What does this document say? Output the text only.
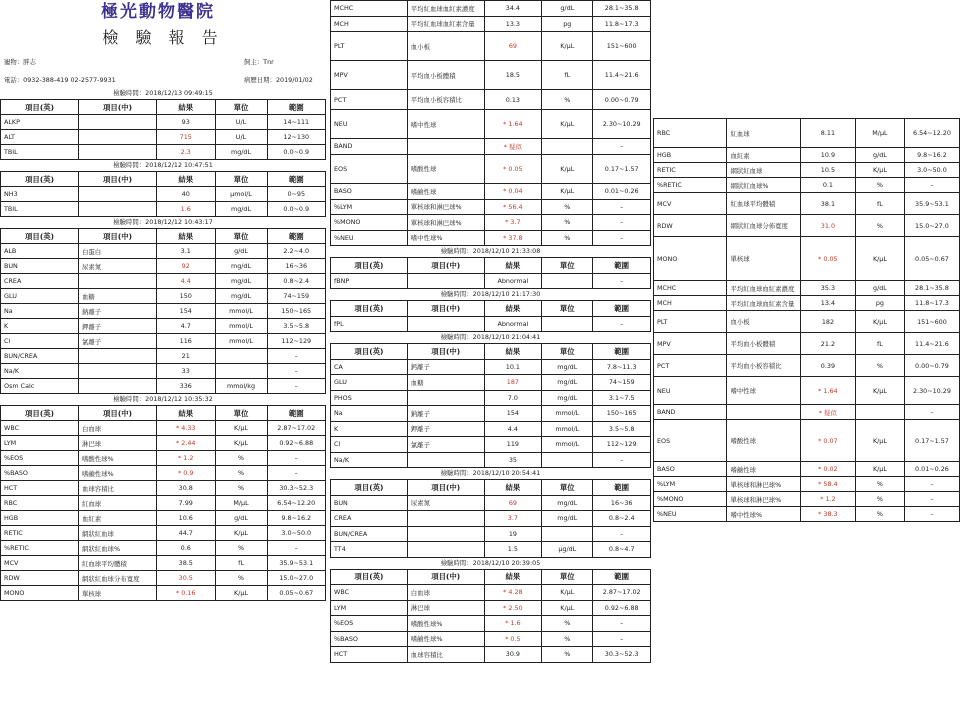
極光動物醫院
檢 驗 報 告
寵物：胖志	飼主：Tnr
電話：0932-388-419 02-2577-9931	病歷日期：2019/01/02
檢驗時間：2018/12/13 09:49:15
項目(英)	項目(中)	結果	單位	範圍
ALKP		93	U/L	14~111
ALT		715	U/L	12~130
TBIL		2.3	mg/dL	0.0~0.9
檢驗時間：2018/12/12 10:47:51
項目(英)	項目(中)	結果	單位	範圍
NH3		40	μmol/L	0~95
TBIL		1.6	mg/dL	0.0~0.9
檢驗時間：2018/12/12 10:43:17
項目(英)	項目(中)	結果	單位	範圍
ALB	白蛋白	3.1	g/dL	2.2~4.0
BUN	尿素氮	92	mg/dL	16~36
CREA		4.4	mg/dL	0.8~2.4
GLU	血糖	150	mg/dL	74~159
Na	鈉離子	154	mmol/L	150~165
K	鉀離子	4.7	mmol/L	3.5~5.8
Cl	氯離子	116	mmol/L	112~129
BUN/CREA		21		–
Na/K		33		–
Osm Calc		336	mmol/kg	–
檢驗時間：2018/12/12 10:35:32
項目(英)	項目(中)	結果	單位	範圍
WBC	白血球	* 4.33	K/μL	2.87~17.02
LYM	淋巴球	* 2.44	K/μL	0.92~6.88
%EOS	嗜酸性球%	* 1.2	%	–
%BASO	嗜鹼性球%	* 0.9	%	–
HCT	血球容積比	30.8	%	30.3~52.3
RBC	紅血球	7.99	M/μL	6.54~12.20
HGB	血紅素	10.6	g/dL	9.8~16.2
RETIC	網狀紅血球	44.7	K/μL	3.0~50.0
%RETIC	網狀紅血球%	0.6	%	–
MCV	紅血球平均體積	38.5	fL	35.9~53.1
RDW	網狀紅血球分布寬度	30.5	%	15.0~27.0
MONO	單核球	* 0.16	K/μL	0.05~0.67
MCHC	平均紅血球血紅素濃度	34.4	g/dL	28.1~35.8
MCH	平均紅血球血紅素含量	13.3	pg	11.8~17.3
PLT	血小板	69	K/μL	151~600
MPV	平均血小板體積	18.5	fL	11.4~21.6
PCT	平均血小板容積比	0.13	%	0.00~0.79
NEU	嗜中性球	* 1.64	K/μL	2.30~10.29
BAND		* 疑似		–
EOS	嗜酸性球	* 0.05	K/μL	0.17~1.57
BASO	嗜鹼性球	* 0.04	K/μL	0.01~0.26
%LYM	單核球和淋巴球%	* 56.4	%	–
%MONO	單核球和淋巴球%	* 3.7	%	–
%NEU	嗜中性球%	* 37.8	%	–
檢驗時間：2018/12/10 21:33:08
項目(英)	項目(中)	結果	單位	範圍
fBNP		Abnormal		–
檢驗時間：2018/12/10 21:17:30
項目(英)	項目(中)	結果	單位	範圍
fPL		Abnormal		–
檢驗時間：2018/12/10 21:04:41
項目(英)	項目(中)	結果	單位	範圍
CA	鈣離子	10.1	mg/dL	7.8~11.3
GLU	血糖	187	mg/dL	74~159
PHOS		7.0	mg/dL	3.1~7.5
Na	鈉離子	154	mmol/L	150~165
K	鉀離子	4.4	mmol/L	3.5~5.8
Cl	氯離子	119	mmol/L	112~129
Na/K		35		–
檢驗時間：2018/12/10 20:54:41
項目(英)	項目(中)	結果	單位	範圍
BUN	尿素氮	69	mg/dL	16~36
CREA		3.7	mg/dL	0.8~2.4
BUN/CREA		19		–
TT4		1.5	μg/dL	0.8~4.7
檢驗時間：2018/12/10 20:39:05
項目(英)	項目(中)	結果	單位	範圍
WBC	白血球	* 4.28	K/μL	2.87~17.02
LYM	淋巴球	* 2.50	K/μL	0.92~6.88
%EOS	嗜酸性球%	* 1.6	%	–
%BASO	嗜鹼性球%	* 0.5	%	–
HCT	血球容積比	30.9	%	30.3~52.3
RBC	紅血球	8.11	M/μL	6.54~12.20
HGB	血紅素	10.9	g/dL	9.8~16.2
RETIC	網狀紅血球	10.5	K/μL	3.0~50.0
%RETIC	網狀紅血球%	0.1	%	–
MCV	紅血球平均體積	38.1	fL	35.9~53.1
RDW	網狀紅血球分佈寬度	31.0	%	15.0~27.0
MONO	單核球	* 0.05	K/μL	0.05~0.67
MCHC	平均紅血球血紅素濃度	35.3	g/dL	28.1~35.8
MCH	平均紅血球血紅素含量	13.4	pg	11.8~17.3
PLT	血小板	182	K/μL	151~600
MPV	平均血小板體積	21.2	fL	11.4~21.6
PCT	平均血小板容積比	0.39	%	0.00~0.79
NEU	嗜中性球	* 1.64	K/μL	2.30~10.29
BAND		* 疑似		–
EOS	嗜酸性球	* 0.07	K/μL	0.17~1.57
BASO	嗜鹼性球	* 0.02	K/μL	0.01~0.26
%LYM	單核球和淋巴球%	* 58.4	%	–
%MONO	單核球和淋巴球%	* 1.2	%	–
%NEU	嗜中性球%	* 38.3	%	–
